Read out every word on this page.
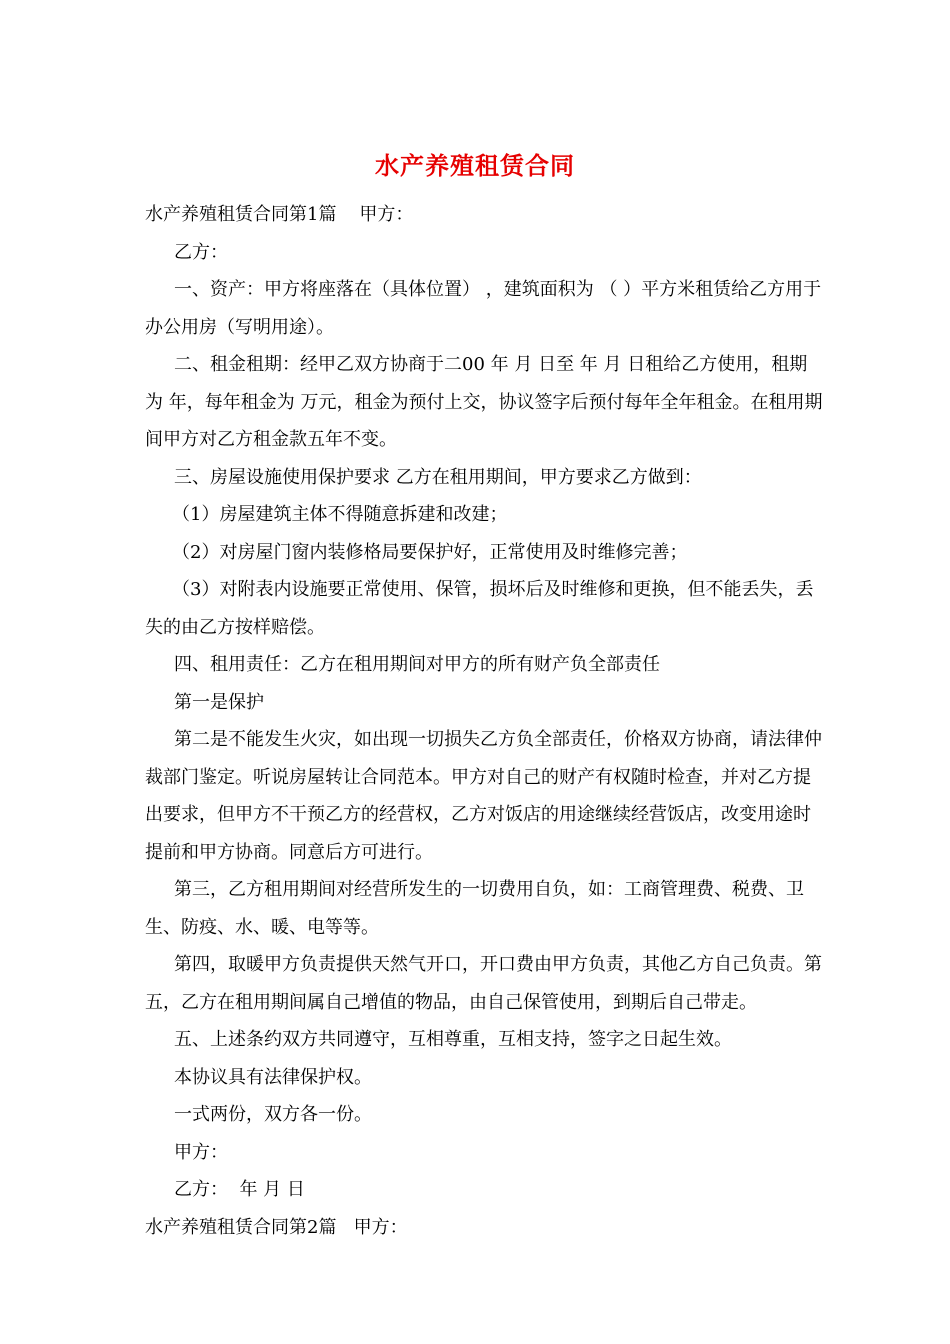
水产养殖租赁合同

水产养殖租赁合同第1篇    甲方：

乙方：

一、资产：甲方将座落在（具体位置） ，建筑面积为 （ ）平方米租赁给乙方用于办公用房（写明用途）。

二、租金租期：经甲乙双方协商于二00 年 月 日至 年 月 日租给乙方使用，租期为 年，每年租金为 万元，租金为预付上交，协议签字后预付每年全年租金。在租用期间甲方对乙方租金款五年不变。

三、房屋设施使用保护要求 乙方在租用期间，甲方要求乙方做到：

（1）房屋建筑主体不得随意拆建和改建；

（2）对房屋门窗内装修格局要保护好，正常使用及时维修完善；

（3）对附表内设施要正常使用、保管，损坏后及时维修和更换，但不能丢失，丢失的由乙方按样赔偿。

四、租用责任：乙方在租用期间对甲方的所有财产负全部责任

第一是保护

第二是不能发生火灾，如出现一切损失乙方负全部责任，价格双方协商，请法律仲裁部门鉴定。听说房屋转让合同范本。甲方对自己的财产有权随时检查，并对乙方提出要求，但甲方不干预乙方的经营权，乙方对饭店的用途继续经营饭店，改变用途时提前和甲方协商。同意后方可进行。

第三，乙方租用期间对经营所发生的一切费用自负，如：工商管理费、税费、卫生、防疫、水、暖、电等等。

第四，取暖甲方负责提供天然气开口，开口费由甲方负责，其他乙方自己负责。第五，乙方在租用期间属自己增值的物品，由自己保管使用，到期后自己带走。

五、上述条约双方共同遵守，互相尊重，互相支持，签字之日起生效。

本协议具有法律保护权。

一式两份，双方各一份。

甲方：

乙方：  年 月 日

水产养殖租赁合同第2篇   甲方：
